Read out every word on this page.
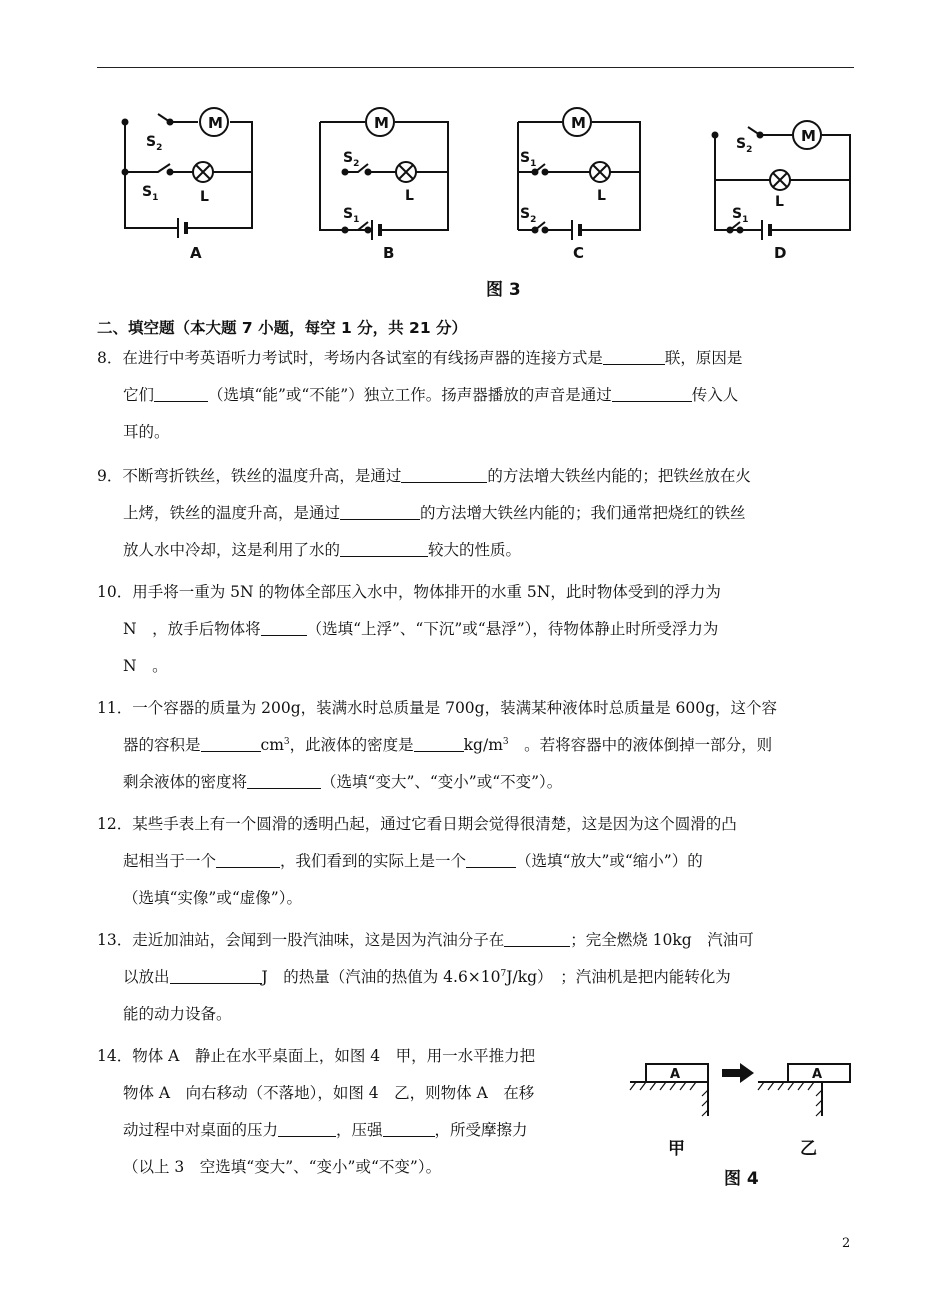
M
$S_2$
$S_1$	L
A
M
$S_2$
L
$S_1$
B
M
$S_1$
L
$S_2$
C
M
$S_2$
L
$S_1$
D
图 3
二、填空题（本大题 7 小题，每空 1 分，共 21 分）
8．在进行中考英语听力考试时，考场内各试室的有线扬声器的连接方式是	联，原因是
它们	（选填“能”或“不能”）独立工作。扬声器播放的声音是通过	传入人
耳的。
9．不断弯折铁丝，铁丝的温度升高，是通过	的方法增大铁丝内能的；把铁丝放在火
上烤，铁丝的温度升高，是通过	的方法增大铁丝内能的；我们通常把烧红的铁丝
放人水中冷却，这是利用了水的	较大的性质。
10．用手将一重为 5N 的物体全部压入水中，物体排开的水重 5N，此时物体受到的浮力为
N　，放手后物体将	（选填“上浮”、“下沉”或“悬浮”），待物体静止时所受浮力为
N　。
11．一个容器的质量为 200g，装满水时总质量是 700g，装满某种液体时总质量是 600g，这个容
器的容积是	$cm^3$，此液体的密度是	$kg/m^3$　。若将容器中的液体倒掉一部分，则
剩余液体的密度将	（选填“变大”、“变小”或“不变”）。
12．某些手表上有一个圆滑的透明凸起，通过它看日期会觉得很清楚，这是因为这个圆滑的凸
起相当于一个	，我们看到的实际上是一个	（选填“放大”或“缩小”）的
（选填“实像”或“虚像”）。
13．走近加油站，会闻到一股汽油味，这是因为汽油分子在	；完全燃烧 10kg　汽油可
以放出	J　的热量（汽油的热值为 $4.6\times 10^7J/kg$）　；汽油机是把内能转化为
能的动力设备。
14．物体 A　静止在水平桌面上，如图 4　甲，用一水平推力把
物体 A　向右移动（不落地），如图 4　乙，则物体 A　在移
动过程中对桌面的压力	，压强	，所受摩擦力
（以上 3　空选填“变大”、“变小”或“不变”）。
A	A
甲	乙
图 4
2
